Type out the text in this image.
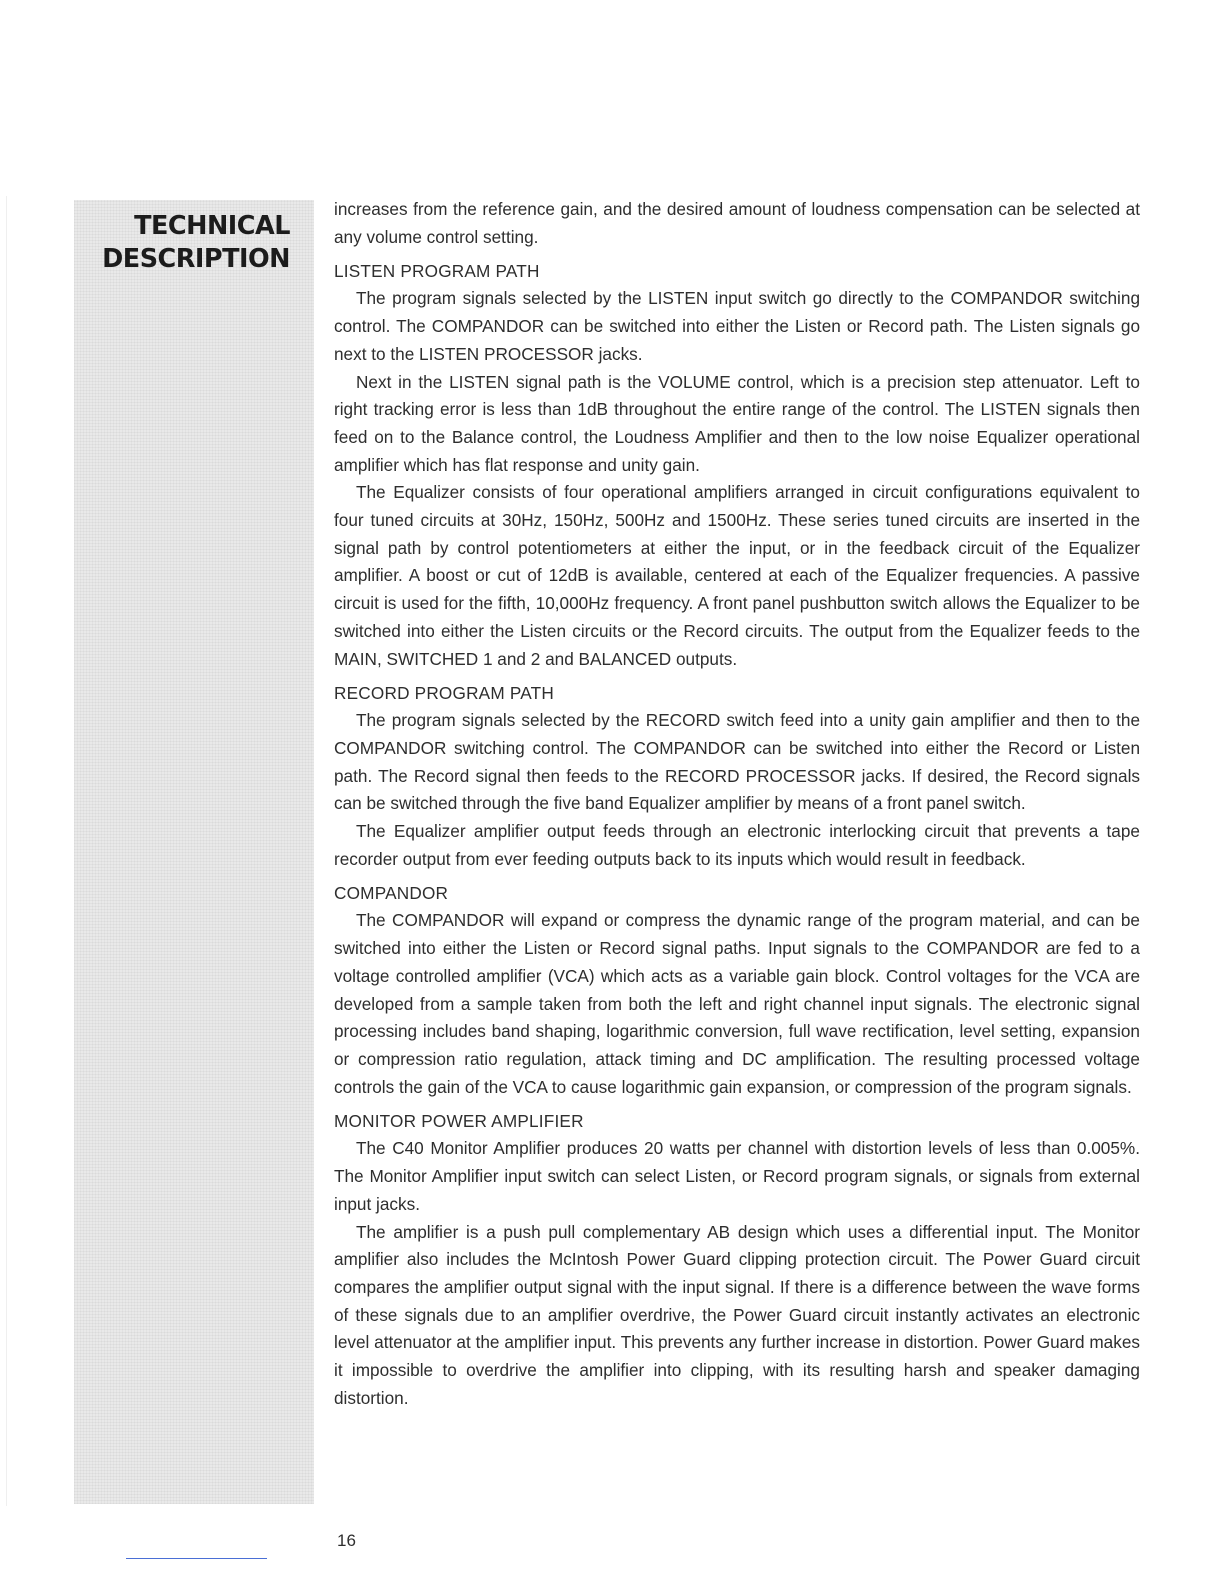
TECHNICAL
DESCRIPTION

increases from the reference gain, and the desired amount of loudness compensation can be selected at any volume control setting.

LISTEN PROGRAM PATH

The program signals selected by the LISTEN input switch go directly to the COMPANDOR switching control. The COMPANDOR can be switched into either the Listen or Record path. The Listen signals go next to the LISTEN PROCESSOR jacks.

Next in the LISTEN signal path is the VOLUME control, which is a precision step attenuator. Left to right tracking error is less than 1dB throughout the entire range of the control. The LISTEN signals then feed on to the Balance control, the Loudness Amplifier and then to the low noise Equalizer operational amplifier which has flat response and unity gain.

The Equalizer consists of four operational amplifiers arranged in circuit configurations equivalent to four tuned circuits at 30Hz, 150Hz, 500Hz and 1500Hz. These series tuned circuits are inserted in the signal path by control potentiometers at either the input, or in the feedback circuit of the Equalizer amplifier. A boost or cut of 12dB is available, centered at each of the Equalizer frequencies. A passive circuit is used for the fifth, 10,000Hz frequency. A front panel pushbutton switch allows the Equalizer to be switched into either the Listen circuits or the Record circuits. The output from the Equalizer feeds to the MAIN, SWITCHED 1 and 2 and BALANCED outputs.

RECORD PROGRAM PATH

The program signals selected by the RECORD switch feed into a unity gain amplifier and then to the COMPANDOR switching control. The COMPANDOR can be switched into either the Record or Listen path. The Record signal then feeds to the RECORD PROCESSOR jacks. If desired, the Record signals can be switched through the five band Equalizer amplifier by means of a front panel switch.

The Equalizer amplifier output feeds through an electronic interlocking circuit that prevents a tape recorder output from ever feeding outputs back to its inputs which would result in feedback.

COMPANDOR

The COMPANDOR will expand or compress the dynamic range of the program material, and can be switched into either the Listen or Record signal paths. Input signals to the COMPANDOR are fed to a voltage controlled amplifier (VCA) which acts as a variable gain block. Control voltages for the VCA are developed from a sample taken from both the left and right channel input signals. The electronic signal processing includes band shaping, logarithmic conversion, full wave rectification, level setting, expansion or compression ratio regulation, attack timing and DC amplification. The resulting processed voltage controls the gain of the VCA to cause logarithmic gain expansion, or compression of the program signals.

MONITOR POWER AMPLIFIER

The C40 Monitor Amplifier produces 20 watts per channel with distortion levels of less than 0.005%. The Monitor Amplifier input switch can select Listen, or Record program signals, or signals from external input jacks.

The amplifier is a push pull complementary AB design which uses a differential input. The Monitor amplifier also includes the McIntosh Power Guard clipping protection circuit. The Power Guard circuit compares the amplifier output signal with the input signal. If there is a difference between the wave forms of these signals due to an amplifier overdrive, the Power Guard circuit instantly activates an electronic level attenuator at the amplifier input. This prevents any further increase in distortion. Power Guard makes it impossible to overdrive the amplifier into clipping, with its resulting harsh and speaker damaging distortion.

16
